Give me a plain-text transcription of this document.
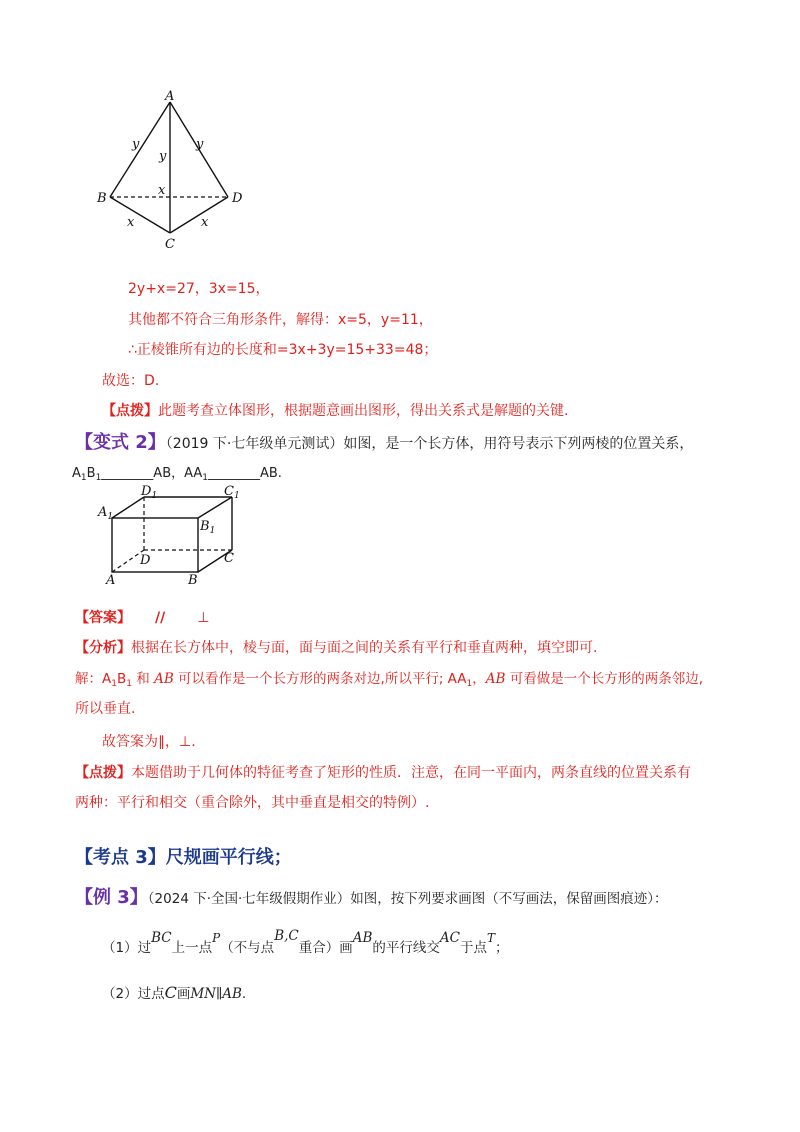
A
B
C
D
y
y
y
x
x	x
2y+x=27，3x=15，
其他都不符合三角形条件，解得：x=5，y=11，
∴正棱锥所有边的长度和=3x+3y=15+33=48；
故选：D.
【点拨】此题考查立体图形，根据题意画出图形，得出关系式是解题的关键.
【变式 2】（2019 下·七年级单元测试）如图，是一个长方体，用符号表示下列两棱的位置关系，
$A_1B_1\_\_\_\_\_\_\_\_AB$，$AA_1\_\_\_\_\_\_\_\_AB$.
$D_1$	$C_1$
$A_1$
$B_1$
D	C
A	B
【答案】 // ⊥
【分析】根据在长方体中，棱与面，面与面之间的关系有平行和垂直两种，填空即可.
解：$A_1B_1$ 和 AB 可以看作是一个长方形的两条对边,所以平行; $AA_1$，AB 可看做是一个长方形的两条邻边,
所以垂直.
故答案为∥，⊥.
【点拨】本题借助于几何体的特征考查了矩形的性质．注意，在同一平面内，两条直线的位置关系有
两种：平行和相交（重合除外，其中垂直是相交的特例）.
【考点 3】尺规画平行线；
【例 3】（2024 下·全国·七年级假期作业）如图，按下列要求画图（不写画法，保留画图痕迹）：
（1）过BC上一点P（不与点B,C重合）画AB的平行线交AC于点T；
（2）过点C画MN∥AB.
